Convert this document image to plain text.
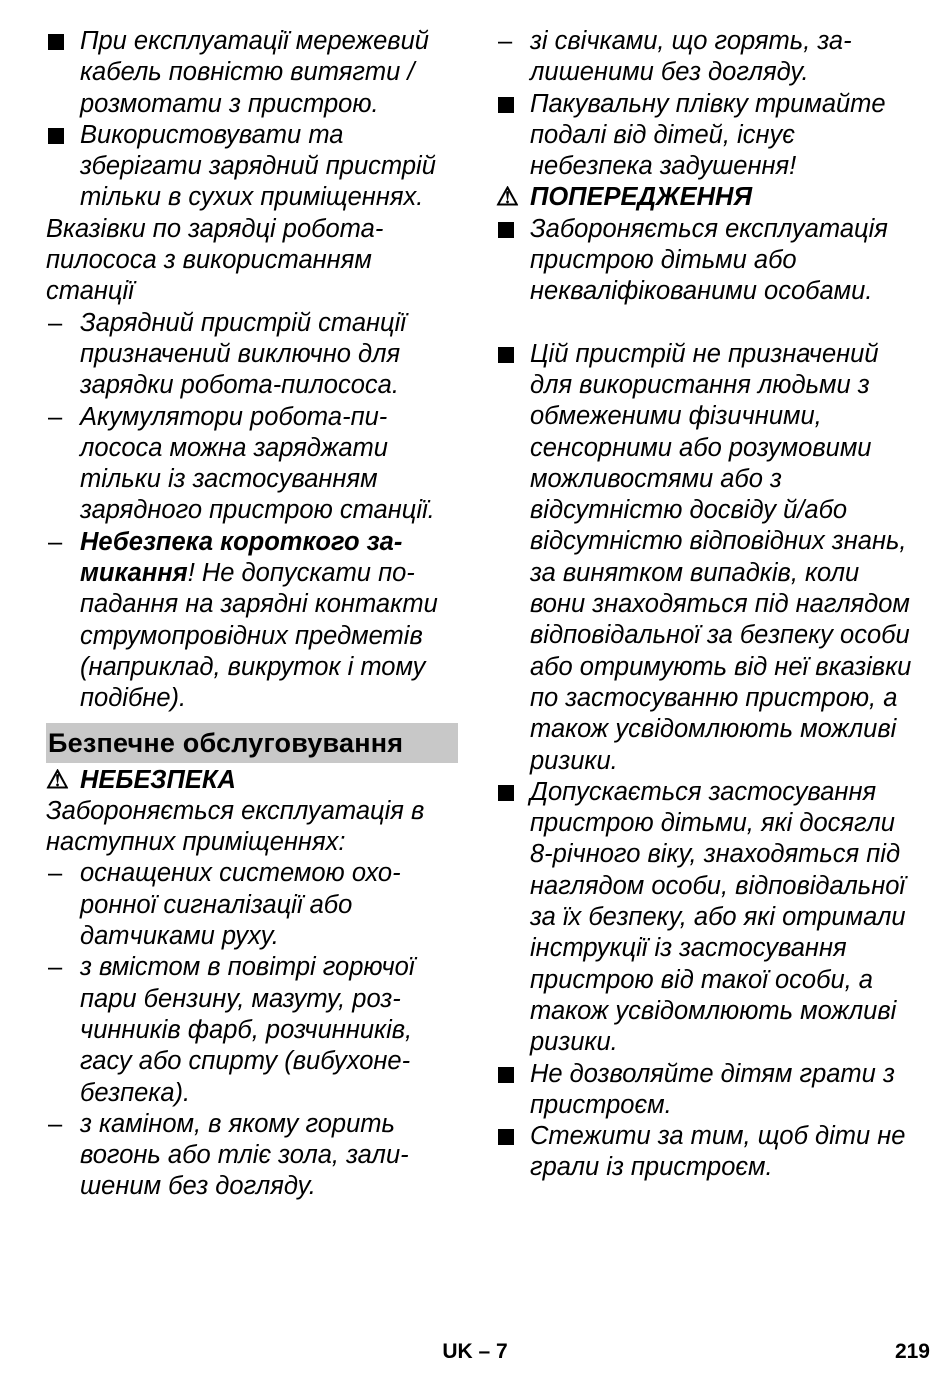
При експлуатації мережевий кабель повністю витягти / розмотати з пристрою.
Використовувати та зберігати зарядний пристрій тільки в сухих приміщеннях.
Вказівки по зарядці робота-пилососа з використанням станції
– Зарядний пристрій станції призначений виключно для зарядки робота-пилососа.
– Акумулятори робота-пилососа можна заряджати тільки із застосуванням зарядного пристрою станції.
– Небезпека короткого замикання! Не допускати попадання на зарядні контакти струмопровідних предметів (наприклад, викруток і тому подібне).
Безпечне обслуговування
⚠ НЕБЕЗПЕКА
Забороняється експлуатація в наступних приміщеннях:
– оснащених системою охоронної сигналізації або датчиками руху.
– з вмістом в повітрі горючої пари бензину, мазуту, розчинників фарб, розчинників, гасу або спирту (вибухонебезпека).
– з каміном, в якому горить вогонь або тліє зола, залишеним без догляду.
– зі свічками, що горять, залишеними без догляду.
Пакувальну плівку тримайте подалі від дітей, існує небезпека задушення!
⚠ ПОПЕРЕДЖЕННЯ
Забороняється експлуатація пристрою дітьми або некваліфікованими особами.
Цій пристрій не призначений для використання людьми з обмеженими фізичними, сенсорними або розумовими можливостями або з відсутністю досвіду й/або відсутністю відповідних знань, за винятком випадків, коли вони знаходяться під наглядом відповідальної за безпеку особи або отримують від неї вказівки по застосуванню пристрою, а також усвідомлюють можливі ризики.
Допускається застосування пристрою дітьми, які досягли 8-річного віку, знаходяться під наглядом особи, відповідальної за їх безпеку, або які отримали інструкції із застосування пристрою від такої особи, а також усвідомлюють можливі ризики.
Не дозволяйте дітям грати з пристроєм.
Стежити за тим, щоб діти не грали із пристроєм.
UK – 7	219
